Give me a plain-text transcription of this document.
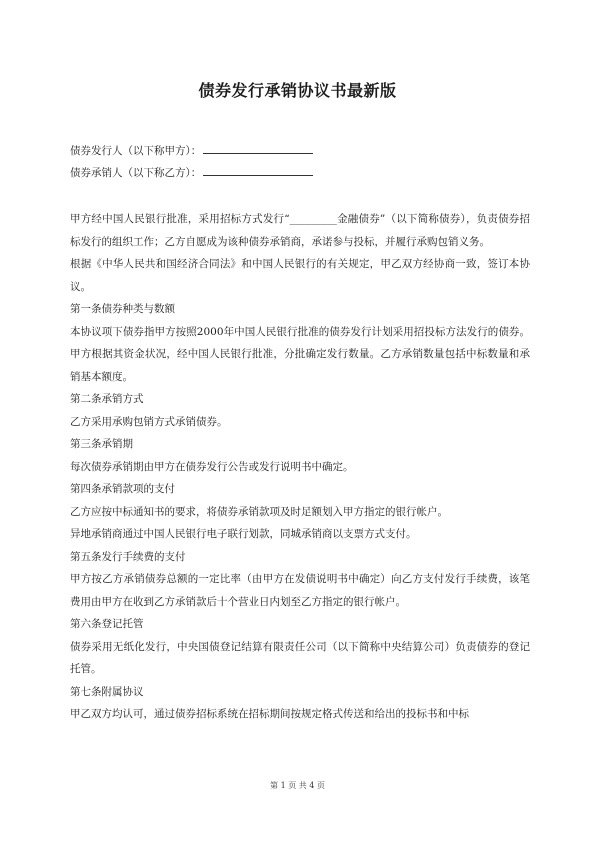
债券发行承销协议书最新版
债券发行人（以下称甲方）：
债券承销人（以下称乙方）：

甲方经中国人民银行批准，采用招标方式发行“_________金融债券”（以下简称债券），负责债券招标发行的组织工作；乙方自愿成为该种债券承销商，承诺参与投标，并履行承购包销义务。

根据《中华人民共和国经济合同法》和中国人民银行的有关规定，甲乙双方经协商一致，签订本协议。

第一条债券种类与数额

本协议项下债券指甲方按照2000年中国人民银行批准的债券发行计划采用招投标方法发行的债券。甲方根据其资金状况，经中国人民银行批准，分批确定发行数量。乙方承销数量包括中标数量和承销基本额度。

第二条承销方式

乙方采用承购包销方式承销债券。

第三条承销期

每次债券承销期由甲方在债券发行公告或发行说明书中确定。

第四条承销款项的支付

乙方应按中标通知书的要求，将债券承销款项及时足额划入甲方指定的银行帐户。

异地承销商通过中国人民银行电子联行划款，同城承销商以支票方式支付。

第五条发行手续费的支付

甲方按乙方承销债券总额的一定比率（由甲方在发债说明书中确定）向乙方支付发行手续费，该笔费用由甲方在收到乙方承销款后十个营业日内划至乙方指定的银行帐户。

第六条登记托管

债券采用无纸化发行，中央国债登记结算有限责任公司（以下简称中央结算公司）负责债券的登记托管。

第七条附属协议

甲乙双方均认可，通过债券招标系统在招标期间按规定格式传送和给出的投标书和中标

第 1 页 共 4 页
